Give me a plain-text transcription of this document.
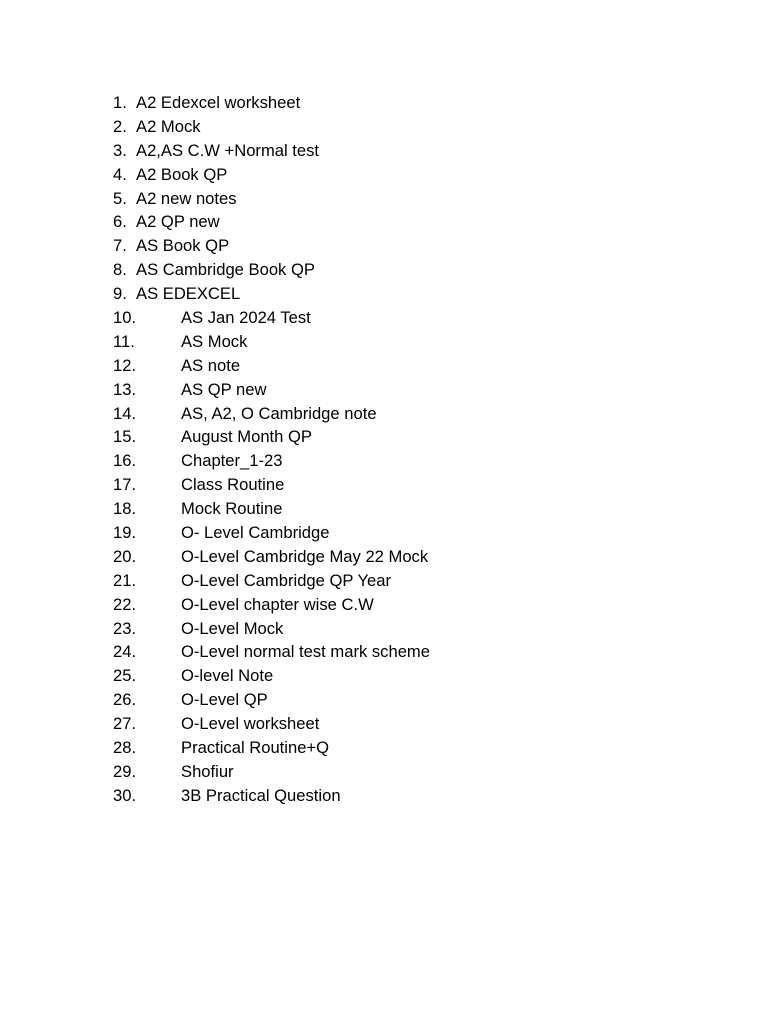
1. A2 Edexcel worksheet
2. A2 Mock
3. A2,AS C.W +Normal test
4. A2 Book QP
5. A2 new notes
6. A2 QP new
7. AS Book QP
8. AS Cambridge Book QP
9. AS EDEXCEL
10.	AS Jan 2024 Test
11.	AS Mock
12.	AS note
13.	AS QP new
14.	AS, A2, O Cambridge note
15.	August Month QP
16.	Chapter_1-23
17.	Class Routine
18.	Mock Routine
19.	O- Level Cambridge
20.	O-Level Cambridge May 22 Mock
21.	O-Level Cambridge QP Year
22.	O-Level chapter wise C.W
23.	O-Level Mock
24.	O-Level normal test mark scheme
25.	O-level Note
26.	O-Level QP
27.	O-Level worksheet
28.	Practical Routine+Q
29.	Shofiur
30.	3B Practical Question
